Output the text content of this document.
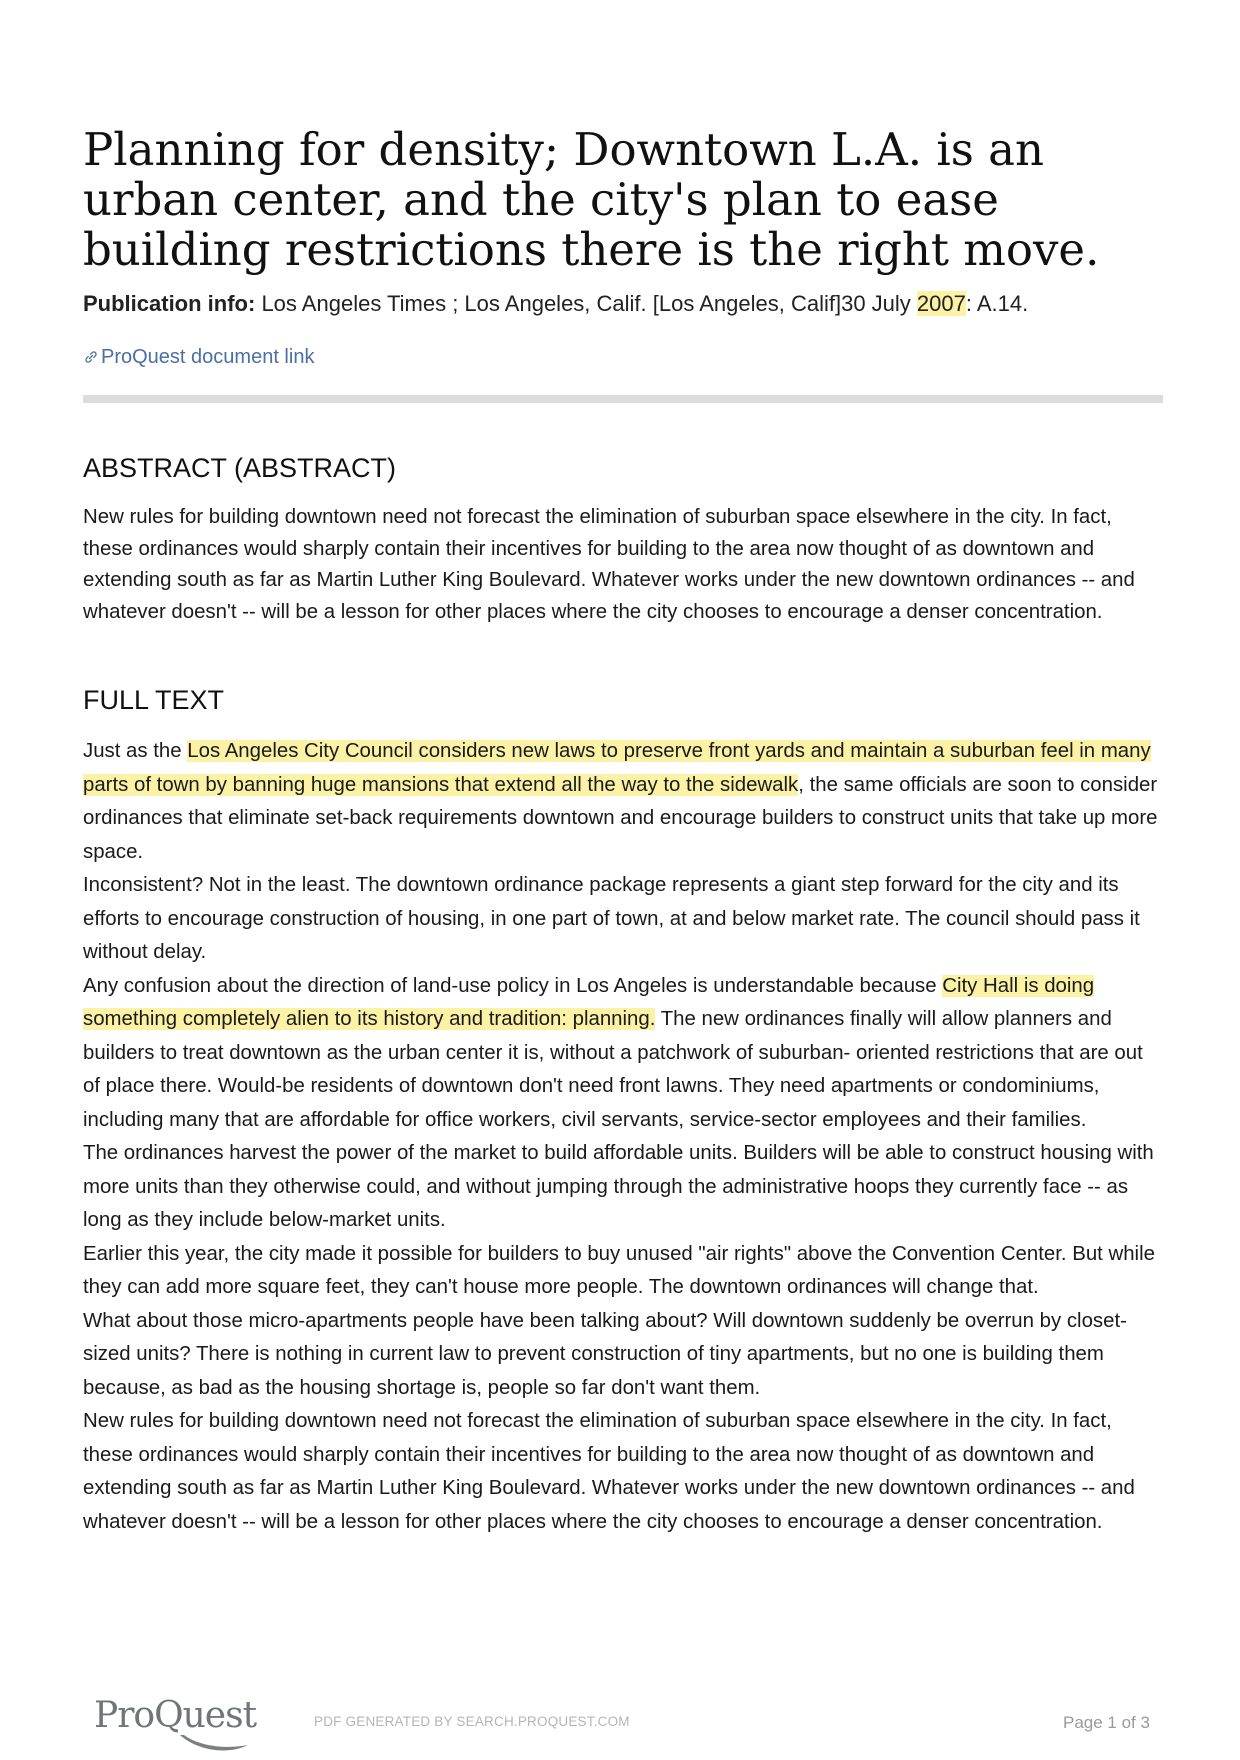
Planning for density; Downtown L.A. is an urban center, and the city's plan to ease building restrictions there is the right move.
Publication info: Los Angeles Times ; Los Angeles, Calif. [Los Angeles, Calif]30 July 2007: A.14.
ProQuest document link
ABSTRACT (ABSTRACT)

New rules for building downtown need not forecast the elimination of suburban space elsewhere in the city. In fact, these ordinances would sharply contain their incentives for building to the area now thought of as downtown and extending south as far as Martin Luther King Boulevard. Whatever works under the new downtown ordinances -- and whatever doesn't -- will be a lesson for other places where the city chooses to encourage a denser concentration.

FULL TEXT

Just as the Los Angeles City Council considers new laws to preserve front yards and maintain a suburban feel in many parts of town by banning huge mansions that extend all the way to the sidewalk, the same officials are soon to consider ordinances that eliminate set-back requirements downtown and encourage builders to construct units that take up more space.

Inconsistent? Not in the least. The downtown ordinance package represents a giant step forward for the city and its efforts to encourage construction of housing, in one part of town, at and below market rate. The council should pass it without delay.

Any confusion about the direction of land-use policy in Los Angeles is understandable because City Hall is doing something completely alien to its history and tradition: planning. The new ordinances finally will allow planners and builders to treat downtown as the urban center it is, without a patchwork of suburban- oriented restrictions that are out of place there. Would-be residents of downtown don't need front lawns. They need apartments or condominiums, including many that are affordable for office workers, civil servants, service-sector employees and their families.

The ordinances harvest the power of the market to build affordable units. Builders will be able to construct housing with more units than they otherwise could, and without jumping through the administrative hoops they currently face -- as long as they include below-market units.

Earlier this year, the city made it possible for builders to buy unused "air rights" above the Convention Center. But while they can add more square feet, they can't house more people. The downtown ordinances will change that.

What about those micro-apartments people have been talking about? Will downtown suddenly be overrun by closet-sized units? There is nothing in current law to prevent construction of tiny apartments, but no one is building them because, as bad as the housing shortage is, people so far don't want them.

New rules for building downtown need not forecast the elimination of suburban space elsewhere in the city. In fact, these ordinances would sharply contain their incentives for building to the area now thought of as downtown and extending south as far as Martin Luther King Boulevard. Whatever works under the new downtown ordinances -- and whatever doesn't -- will be a lesson for other places where the city chooses to encourage a denser concentration.

ProQuest	PDF GENERATED BY SEARCH.PROQUEST.COM	Page 1 of 3
